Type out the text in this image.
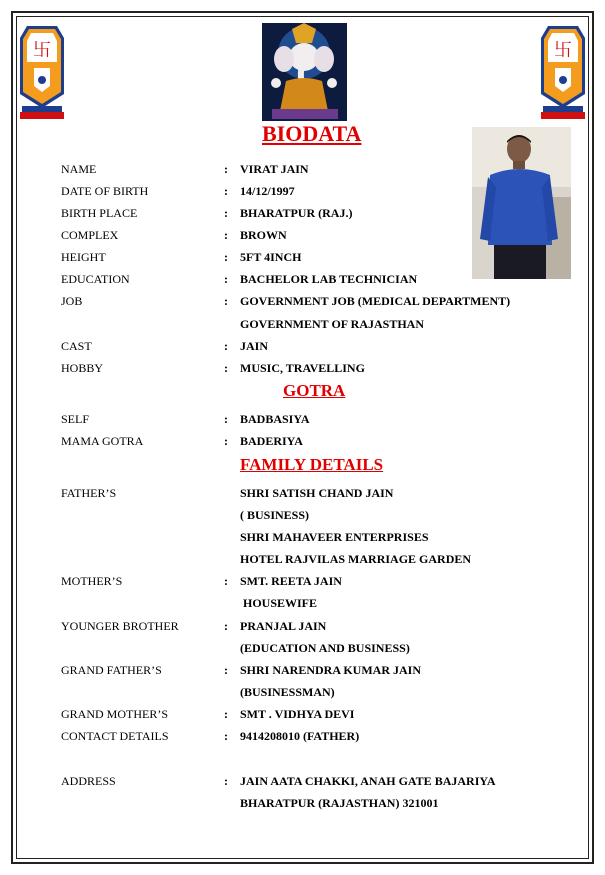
卐	卐
BIODATA
NAME	: VIRAT JAIN
DATE OF BIRTH	: 14/12/1997
BIRTH PLACE	: BHARATPUR (RAJ.)
COMPLEX	: BROWN
HEIGHT	: 5FT 4INCH
EDUCATION	: BACHELOR LAB TECHNICIAN
JOB	: GOVERNMENT JOB (MEDICAL DEPARTMENT)
GOVERNMENT OF RAJASTHAN
CAST	: JAIN
HOBBY	: MUSIC, TRAVELLING
GOTRA
SELF	: BADBASIYA
MAMA GOTRA	: BADERIYA
FAMILY DETAILS
FATHER’S	SHRI SATISH CHAND JAIN
( BUSINESS)
SHRI MAHAVEER ENTERPRISES
HOTEL RAJVILAS MARRIAGE GARDEN
MOTHER’S	: SMT. REETA JAIN
HOUSEWIFE
YOUNGER BROTHER	: PRANJAL JAIN
(EDUCATION AND BUSINESS)
GRAND FATHER’S	: SHRI NARENDRA KUMAR JAIN
(BUSINESSMAN)
GRAND MOTHER’S	: SMT . VIDHYA DEVI
CONTACT DETAILS	: 9414208010 (FATHER)
ADDRESS	: JAIN AATA CHAKKI, ANAH GATE BAJARIYA
BHARATPUR (RAJASTHAN) 321001
